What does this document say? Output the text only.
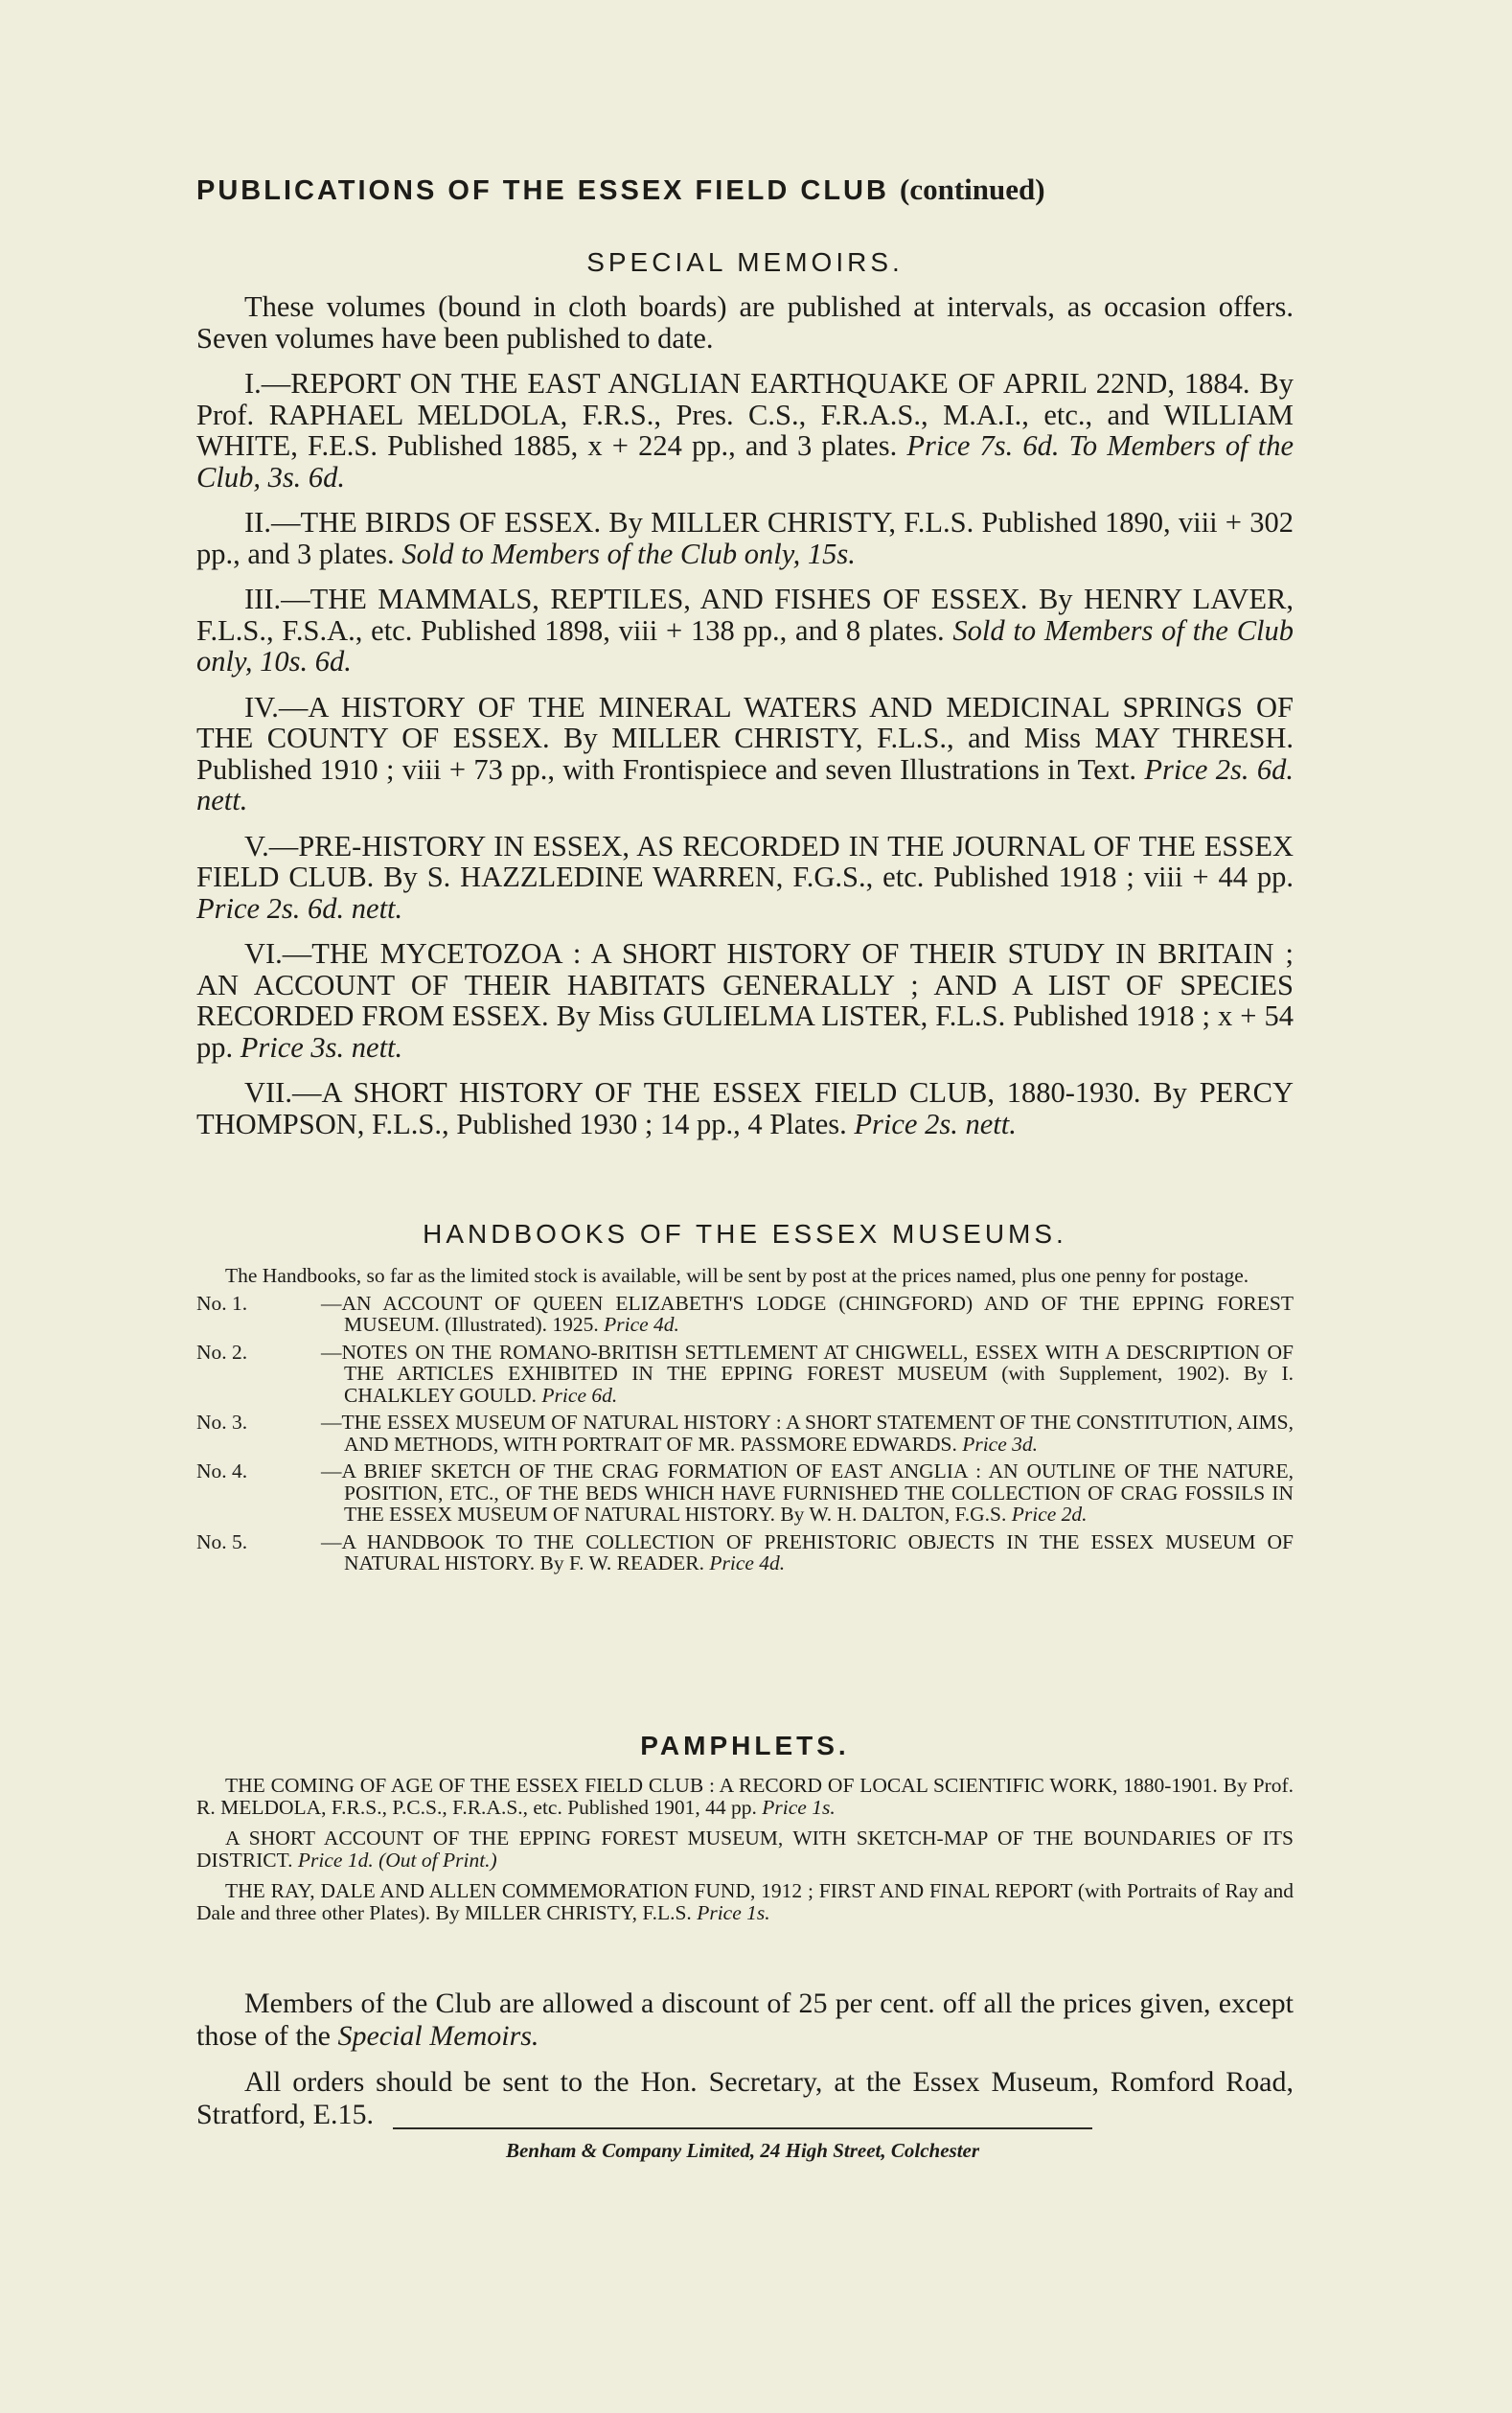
PUBLICATIONS OF THE ESSEX FIELD CLUB (continued)
SPECIAL MEMOIRS.

These volumes (bound in cloth boards) are published at intervals, as occasion offers. Seven volumes have been published to date.

I.—REPORT ON THE EAST ANGLIAN EARTHQUAKE OF APRIL 22ND, 1884. By Prof. RAPHAEL MELDOLA, F.R.S., Pres. C.S., F.R.A.S., M.A.I., etc., and WILLIAM WHITE, F.E.S. Published 1885, x + 224 pp., and 3 plates. Price 7s. 6d. To Members of the Club, 3s. 6d.

II.—THE BIRDS OF ESSEX. By MILLER CHRISTY, F.L.S. Published 1890, viii + 302 pp., and 3 plates. Sold to Members of the Club only, 15s.

III.—THE MAMMALS, REPTILES, AND FISHES OF ESSEX. By HENRY LAVER, F.L.S., F.S.A., etc. Published 1898, viii + 138 pp., and 8 plates. Sold to Members of the Club only, 10s. 6d.

IV.—A HISTORY OF THE MINERAL WATERS AND MEDICINAL SPRINGS OF THE COUNTY OF ESSEX. By MILLER CHRISTY, F.L.S., and Miss MAY THRESH. Published 1910 ; viii + 73 pp., with Frontispiece and seven Illustrations in Text. Price 2s. 6d. nett.

V.—PRE-HISTORY IN ESSEX, AS RECORDED IN THE JOURNAL OF THE ESSEX FIELD CLUB. By S. HAZZLEDINE WARREN, F.G.S., etc. Published 1918 ; viii + 44 pp. Price 2s. 6d. nett.

VI.—THE MYCETOZOA : A SHORT HISTORY OF THEIR STUDY IN BRITAIN ; AN ACCOUNT OF THEIR HABITATS GENERALLY ; AND A LIST OF SPECIES RECORDED FROM ESSEX. By Miss GULIELMA LISTER, F.L.S. Published 1918 ; x + 54 pp. Price 3s. nett.

VII.—A SHORT HISTORY OF THE ESSEX FIELD CLUB, 1880-1930. By PERCY THOMPSON, F.L.S., Published 1930 ; 14 pp., 4 Plates. Price 2s. nett.

HANDBOOKS OF THE ESSEX MUSEUMS.

The Handbooks, so far as the limited stock is available, will be sent by post at the prices named, plus one penny for postage.

No. 1.	—AN ACCOUNT OF QUEEN ELIZABETH'S LODGE (CHINGFORD) AND OF THE EPPING FOREST MUSEUM. (Illustrated). 1925. Price 4d.
No. 2.	—NOTES ON THE ROMANO-BRITISH SETTLEMENT AT CHIGWELL, ESSEX WITH A DESCRIPTION OF THE ARTICLES EXHIBITED IN THE EPPING FOREST MUSEUM (with Supplement, 1902). By I. CHALKLEY GOULD. Price 6d.
No. 3.	—THE ESSEX MUSEUM OF NATURAL HISTORY : A SHORT STATEMENT OF THE CONSTITUTION, AIMS, AND METHODS, WITH PORTRAIT OF MR. PASSMORE EDWARDS. Price 3d.
No. 4.	—A BRIEF SKETCH OF THE CRAG FORMATION OF EAST ANGLIA : AN OUTLINE OF THE NATURE, POSITION, ETC., OF THE BEDS WHICH HAVE FURNISHED THE COLLECTION OF CRAG FOSSILS IN THE ESSEX MUSEUM OF NATURAL HISTORY. By W. H. DALTON, F.G.S. Price 2d.
No. 5.	—A HANDBOOK TO THE COLLECTION OF PREHISTORIC OBJECTS IN THE ESSEX MUSEUM OF NATURAL HISTORY. By F. W. READER. Price 4d.
PAMPHLETS.

THE COMING OF AGE OF THE ESSEX FIELD CLUB : A RECORD OF LOCAL SCIENTIFIC WORK, 1880-1901. By Prof. R. MELDOLA, F.R.S., P.C.S., F.R.A.S., etc. Published 1901, 44 pp. Price 1s.

A SHORT ACCOUNT OF THE EPPING FOREST MUSEUM, WITH SKETCH-MAP OF THE BOUNDARIES OF ITS DISTRICT. Price 1d. (Out of Print.)

THE RAY, DALE AND ALLEN COMMEMORATION FUND, 1912 ; FIRST AND FINAL REPORT (with Portraits of Ray and Dale and three other Plates). By MILLER CHRISTY, F.L.S. Price 1s.

Members of the Club are allowed a discount of 25 per cent. off all the prices given, except those of the Special Memoirs.

All orders should be sent to the Hon. Secretary, at the Essex Museum, Romford Road, Stratford, E.15.

Benham & Company Limited, 24 High Street, Colchester
